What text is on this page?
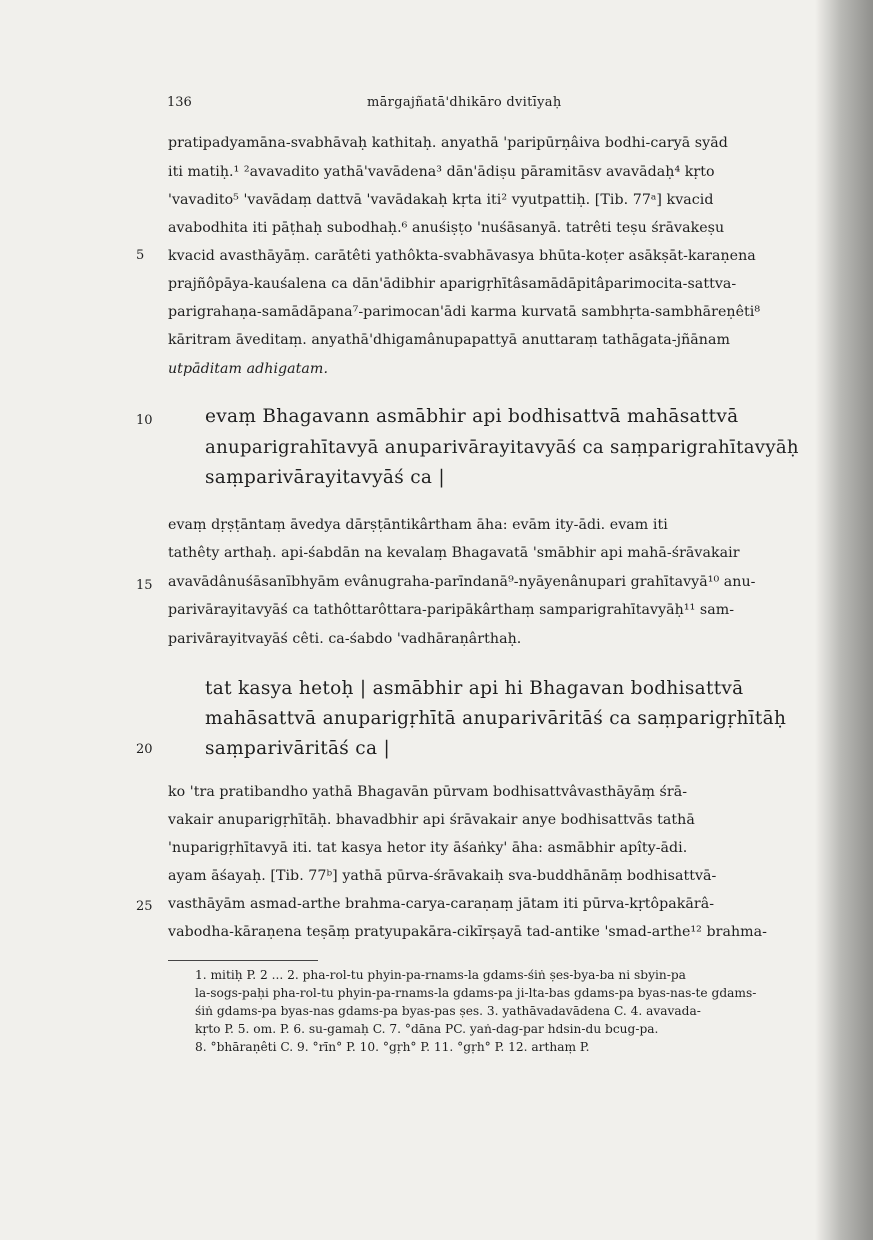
136	mārgajñatā'dhikāro dvitīyaḥ
5
10
15
20
25
pratipadyamāna-svabhāvaḥ kathitaḥ. anyathā 'paripūrṇâiva bodhi-caryā syād
iti matiḥ.¹ ²avavadito yathā'vavādena³ dān'ādiṣu pāramitāsv avavādaḥ⁴ kṛto
'vavadito⁵ 'vavādaṃ dattvā 'vavādakaḥ kṛta iti² vyutpattiḥ. [Tib. 77ᵃ] kvacid
avabodhita iti pāṭhaḥ subodhaḥ.⁶ anuśiṣṭo 'nuśāsanyā. tatrêti teṣu śrāvakeṣu
kvacid avasthāyāṃ. carātêti yathôkta-svabhāvasya bhūta-koṭer asākṣāt-karaṇena
prajñôpāya-kauśalena ca dān'ādibhir aparigṛhītâsamādāpitâparimocita-sattva-
parigrahaṇa-samādāpana⁷-parimocan'ādi karma kurvatā sambhṛta-sambhāreṇêti⁸
kāritram āveditaṃ. anyathā'dhigamânupapattyā anuttaraṃ tathāgata-jñānam
utpāditam adhigatam.
evaṃ Bhagavann asmābhir api bodhisattvā mahāsattvā
anuparigrahītavyā anuparivārayitavyāś ca saṃparigrahītavyāḥ
saṃparivārayitavyāś ca |
evaṃ dṛṣṭāntaṃ āvedya dārṣṭāntikârtham āha: evām ity-ādi. evam iti
tathêty arthaḥ. api-śabdān na kevalaṃ Bhagavatā 'smābhir api mahā-śrāvakair
avavādânuśāsanībhyām evânugraha-parīndanā⁹-nyāyenânupari grahītavyā¹⁰ anu-
parivārayitavyāś ca tathôttarôttara-paripākârthaṃ samparigrahītavyāḥ¹¹ sam-
parivārayitvayāś cêti. ca-śabdo 'vadhāraṇârthaḥ.
tat kasya hetoḥ | asmābhir api hi Bhagavan bodhisattvā
mahāsattvā anuparigṛhītā anuparivāritāś ca saṃparigṛhītāḥ
saṃparivāritāś ca |
ko 'tra pratibandho yathā Bhagavān pūrvam bodhisattvâvasthāyāṃ śrā-
vakair anuparigṛhītāḥ. bhavadbhir api śrāvakair anye bodhisattvās tathā
'nuparigṛhītavyā iti. tat kasya hetor ity āśaṅky' āha: asmābhir apîty-ādi.
ayam āśayaḥ. [Tib. 77ᵇ] yathā pūrva-śrāvakaiḥ sva-buddhānāṃ bodhisattvā-
vasthāyām asmad-arthe brahma-carya-caraṇaṃ jātam iti pūrva-kṛtôpakārâ-
vabodha-kāraṇena teṣāṃ pratyupakāra-cikīrṣayā tad-antike 'smad-arthe¹² brahma-
1. mitiḥ P. 2 ... 2. pha-rol-tu phyin-pa-rnams-la gdams-śiṅ ṣes-bya-ba ni sbyin-pa
la-sogs-paḥi pha-rol-tu phyin-pa-rnams-la gdams-pa ji-lta-bas gdams-pa byas-nas-te gdams-
śiṅ gdams-pa byas-nas gdams-pa byas-pas ṣes. 3. yathāvadavādena C. 4. avavada-
kṛto P. 5. om. P. 6. su-gamaḥ C. 7. °dāna PC. yaṅ-dag-par hdsin-du bcug-pa.
8. °bhāraṇêti C. 9. °rīn° P. 10. °gṛh° P. 11. °gṛh° P. 12. arthaṃ P.
